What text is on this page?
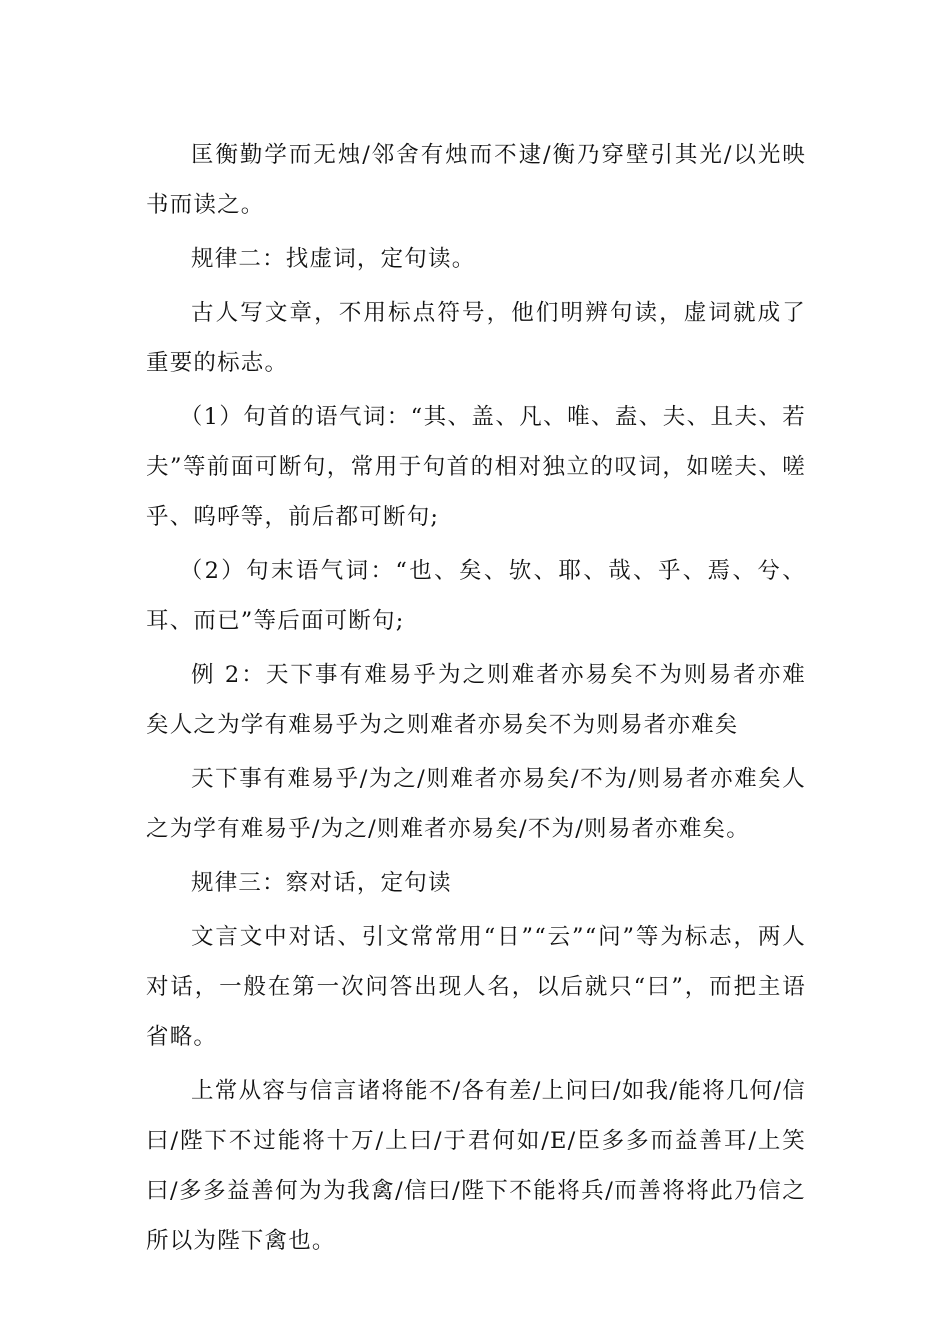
匡衡勤学而无烛/邻舍有烛而不逮/衡乃穿壁引其光/以光映书而读之。

规律二：找虚词，定句读。

古人写文章，不用标点符号，他们明辨句读，虚词就成了重要的标志。

（1）句首的语气词：“其、盖、凡、唯、盍、夫、且夫、若夫”等前面可断句，常用于句首的相对独立的叹词，如嗟夫、嗟乎、呜呼等，前后都可断句;

（2）句末语气词：“也、矣、欤、耶、哉、乎、焉、兮、耳、而已”等后面可断句;

例 2：天下事有难易乎为之则难者亦易矣不为则易者亦难矣人之为学有难易乎为之则难者亦易矣不为则易者亦难矣

天下事有难易乎/为之/则难者亦易矣/不为/则易者亦难矣人之为学有难易乎/为之/则难者亦易矣/不为/则易者亦难矣。

规律三：察对话，定句读

文言文中对话、引文常常用“日”“云”“问”等为标志，两人对话，一般在第一次问答出现人名，以后就只“曰”，而把主语省略。

上常从容与信言诸将能不/各有差/上问曰/如我/能将几何/信曰/陛下不过能将十万/上曰/于君何如/E/臣多多而益善耳/上笑曰/多多益善何为为我禽/信曰/陛下不能将兵/而善将将此乃信之所以为陛下禽也。
